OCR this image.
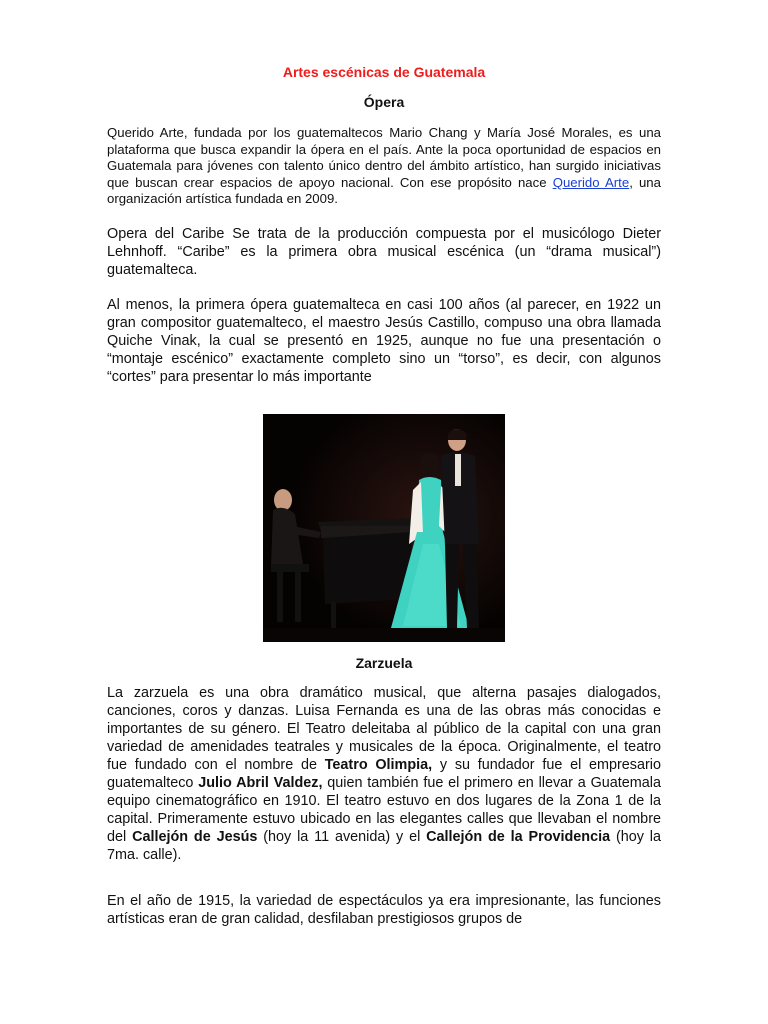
Artes escénicas de Guatemala
Ópera

Querido Arte, fundada por los guatemaltecos Mario Chang y María José Morales, es una plataforma que busca expandir la ópera en el país. Ante la poca oportunidad de espacios en Guatemala para jóvenes con talento único dentro del ámbito artístico, han surgido iniciativas que buscan crear espacios de apoyo nacional. Con ese propósito nace Querido Arte, una organización artística fundada en 2009.

Opera del Caribe Se trata de la producción compuesta por el musicólogo Dieter Lehnhoff. “Caribe” es la primera obra musical escénica (un “drama musical”) guatemalteca.

Al menos, la primera ópera guatemalteca en casi 100 años (al parecer, en 1922 un gran compositor guatemalteco, el maestro Jesús Castillo, compuso una obra llamada Quiche Vinak, la cual se presentó en 1925, aunque no fue una presentación o “montaje escénico” exactamente completo sino un “torso”, es decir, con algunos “cortes” para presentar lo más importante

Zarzuela

La zarzuela es una obra dramático musical, que alterna pasajes dialogados, canciones, coros y danzas. Luisa Fernanda es una de las obras más conocidas e importantes de su género. El Teatro deleitaba al público de la capital con una gran variedad de amenidades teatrales y musicales de la época. Originalmente, el teatro fue fundado con el nombre de Teatro Olimpia, y su fundador fue el empresario guatemalteco Julio Abril Valdez, quien también fue el primero en llevar a Guatemala equipo cinematográfico en 1910. El teatro estuvo en dos lugares de la Zona 1 de la capital. Primeramente estuvo ubicado en las elegantes calles que llevaban el nombre del Callejón de Jesús (hoy la 11 avenida) y el Callejón de la Providencia (hoy la 7ma. calle).

En el año de 1915, la variedad de espectáculos ya era impresionante, las funciones artísticas eran de gran calidad, desfilaban prestigiosos grupos de
